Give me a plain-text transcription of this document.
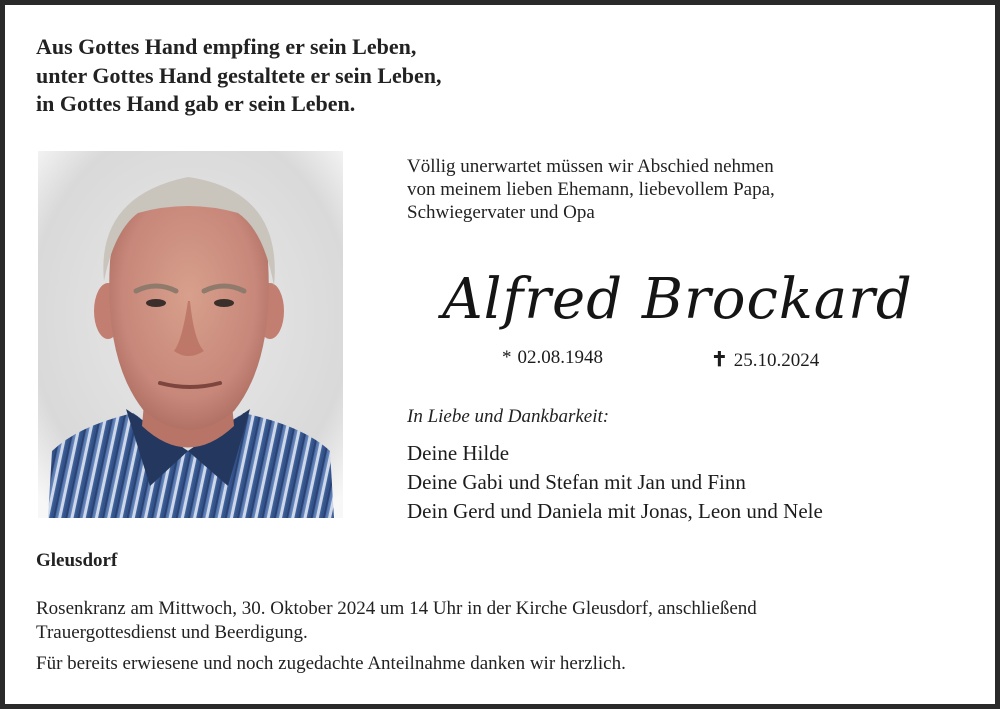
Aus Gottes Hand empfing er sein Leben,
unter Gottes Hand gestaltete er sein Leben,
in Gottes Hand gab er sein Leben.
Völlig unerwartet müssen wir Abschied nehmen
von meinem lieben Ehemann, liebevollem Papa,
Schwiegervater und Opa
Alfred Brockard
* 02.08.1948	✝ 25.10.2024
In Liebe und Dankbarkeit:
Deine Hilde
Deine Gabi und Stefan mit Jan und Finn
Dein Gerd und Daniela mit Jonas, Leon und Nele
Gleusdorf
Rosenkranz am Mittwoch, 30. Oktober 2024 um 14 Uhr in der Kirche Gleusdorf, anschließend
Trauergottesdienst und Beerdigung.
Für bereits erwiesene und noch zugedachte Anteilnahme danken wir herzlich.
